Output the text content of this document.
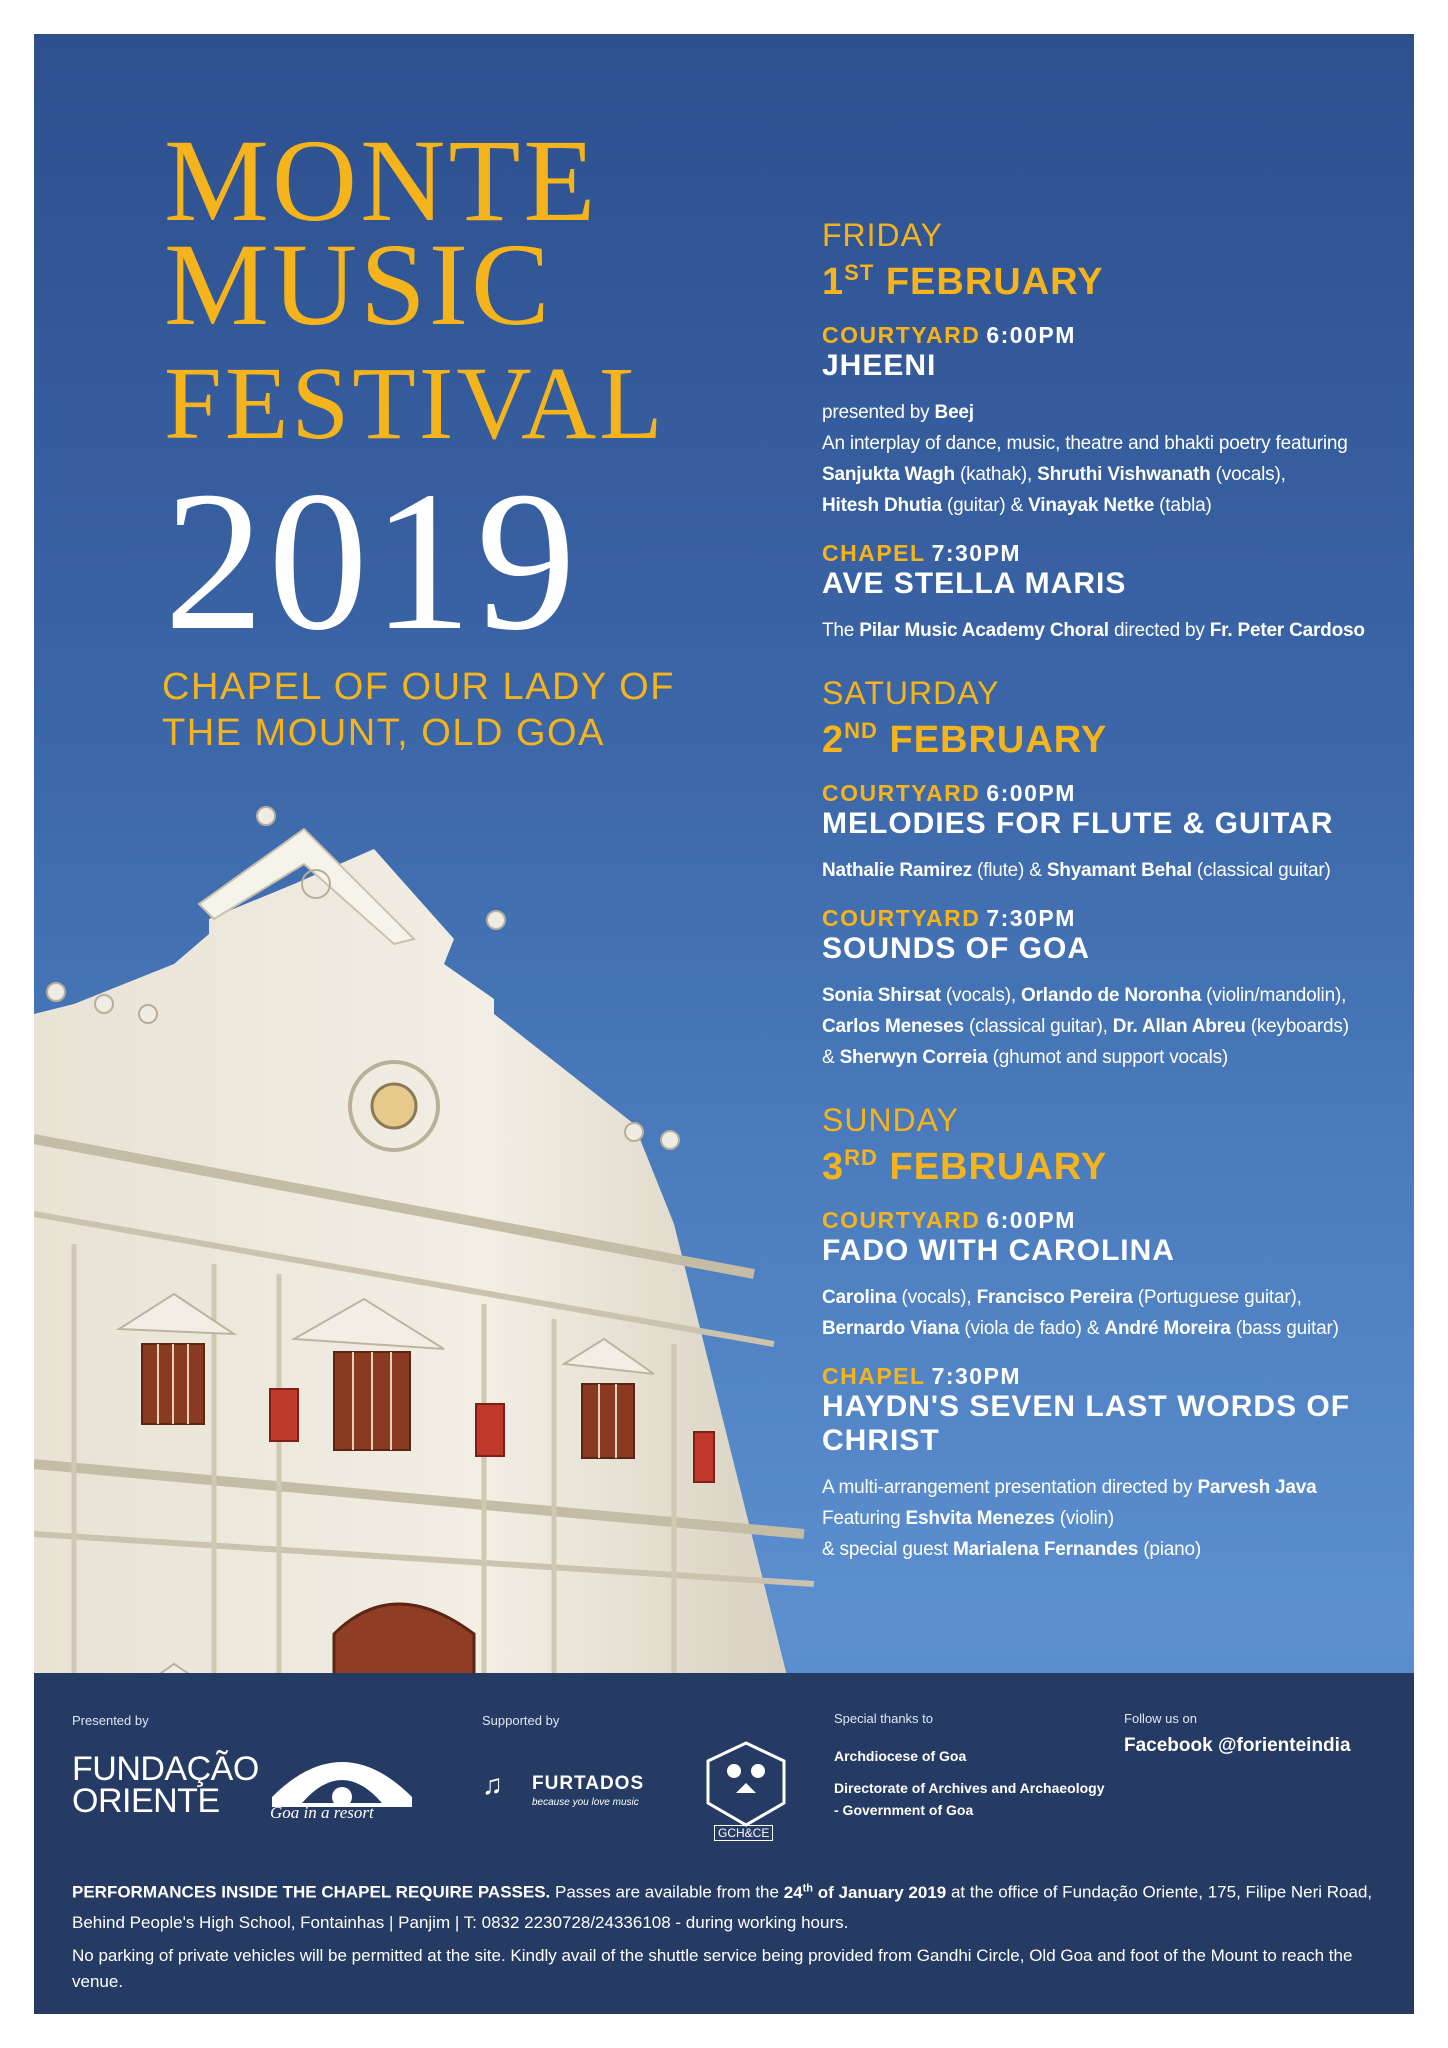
MONTE
MUSIC
FESTIVAL
2019
CHAPEL OF OUR LADY OF THE MOUNT, OLD GOA
FRIDAY
1ST FEBRUARY
COURTYARD 6:00PM
JHEENI
presented by Beej
An interplay of dance, music, theatre and bhakti poetry featuring
Sanjukta Wagh (kathak), Shruthi Vishwanath (vocals),
Hitesh Dhutia (guitar) & Vinayak Netke (tabla)
CHAPEL 7:30PM
AVE STELLA MARIS
The Pilar Music Academy Choral directed by Fr. Peter Cardoso
SATURDAY
2ND FEBRUARY
COURTYARD 6:00PM
MELODIES FOR FLUTE & GUITAR
Nathalie Ramirez (flute) & Shyamant Behal (classical guitar)
COURTYARD 7:30PM
SOUNDS OF GOA
Sonia Shirsat (vocals), Orlando de Noronha (violin/mandolin),
Carlos Meneses (classical guitar), Dr. Allan Abreu (keyboards)
& Sherwyn Correia (ghumot and support vocals)
SUNDAY
3RD FEBRUARY
COURTYARD 6:00PM
FADO WITH CAROLINA
Carolina (vocals), Francisco Pereira (Portuguese guitar),
Bernardo Viana (viola de fado) & André Moreira (bass guitar)
CHAPEL 7:30PM
HAYDN'S SEVEN LAST WORDS OF CHRIST
A multi-arrangement presentation directed by Parvesh Java
Featuring Eshvita Menezes (violin)
& special guest Marialena Fernandes (piano)
Presented by
FUNDAÇÃO
ORIENTE	Goa in a resort
CIDADE DE GOA
Supported by
♫ FURTADOS
because you love music
GCH&CE
Special thanks to
Archdiocese of Goa
Directorate of Archives and Archaeology
- Government of Goa
Follow us on
Facebook @forienteindia
PERFORMANCES INSIDE THE CHAPEL REQUIRE PASSES. Passes are available from the 24th of January 2019 at the office of Fundação Oriente, 175, Filipe Neri Road,
Behind People's High School, Fontainhas | Panjim | T: 0832 2230728/24336108 - during working hours.
No parking of private vehicles will be permitted at the site. Kindly avail of the shuttle service being provided from Gandhi Circle, Old Goa and foot of the Mount to reach the venue.
